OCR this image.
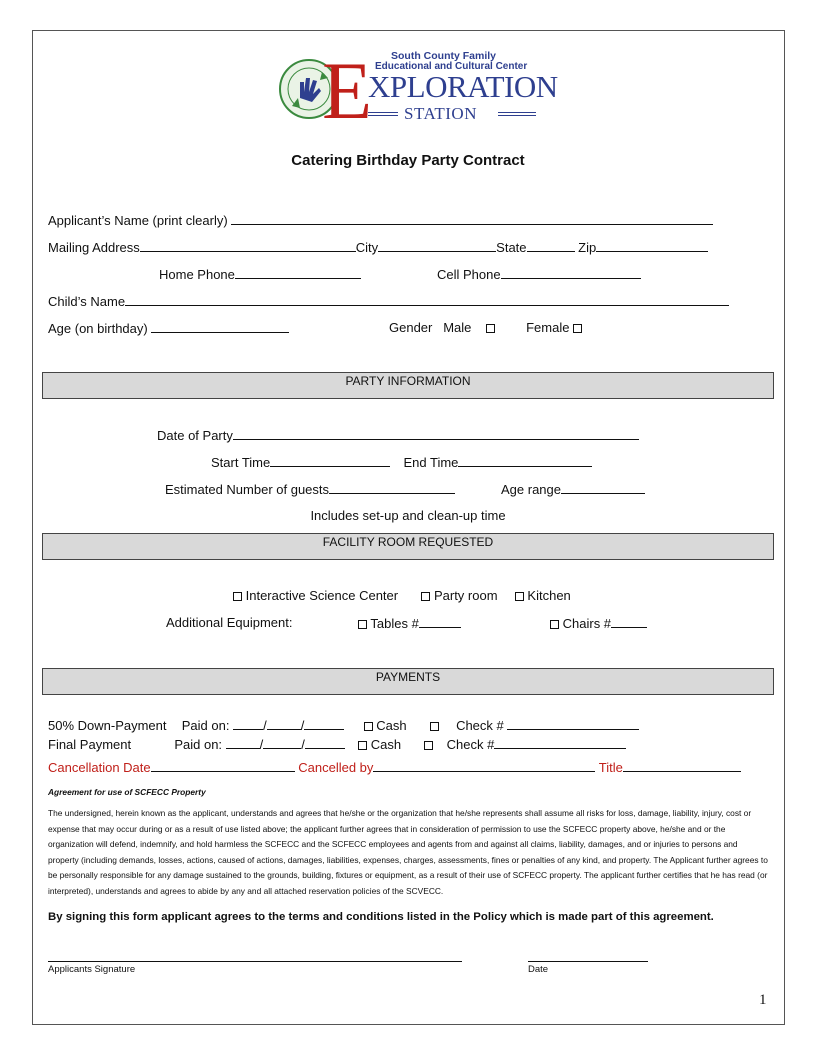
South County Family
Educational and Cultural Center
E
XPLORATION
STATION
Catering Birthday Party Contract
Applicant’s Name (print clearly)
Mailing Address	City	State	Zip
Home Phone	Cell Phone
Child’s Name
Age (on birthday)	Gender Male	Female
PARTY INFORMATION
Date of Party
Start Time	End Time
Estimated Number of guests	Age range
Includes set-up and clean-up time
FACILITY ROOM REQUESTED
Interactive Science Center	Party room Kitchen
Additional Equipment:	Tables #	Chairs #
PAYMENTS
50% Down-Payment Paid on:	/	/	Cash	Check #
Final Payment	Paid on:	/	/	Cash	Check #
Cancellation Date	Cancelled by	Title
Agreement for use of SCFECC Property
The undersigned, herein known as the applicant, understands and agrees that he/she or the organization that he/she represents shall assume all risks for loss, damage, liability, injury, cost or expense that may occur during or as a result of use listed above; the applicant further agrees that in consideration of permission to use the SCFECC property above, he/she and or the organization will defend, indemnify, and hold harmless the SCFECC and the SCFECC employees and agents from and against all claims, liability, damages, and or injuries to persons and property (including demands, losses, actions, caused of actions, damages, liabilities, expenses, charges, assessments, fines or penalties of any kind, and property. The Applicant further agrees to be personally responsible for any damage sustained to the grounds, building, fixtures or equipment, as a result of their use of SCFECC property. The applicant further certifies that he has read (or interpreted), understands and agrees to abide by any and all attached reservation policies of the SCVECC.
By signing this form applicant agrees to the terms and conditions listed in the Policy which is made part of this agreement.
Applicants Signature	Date
1
